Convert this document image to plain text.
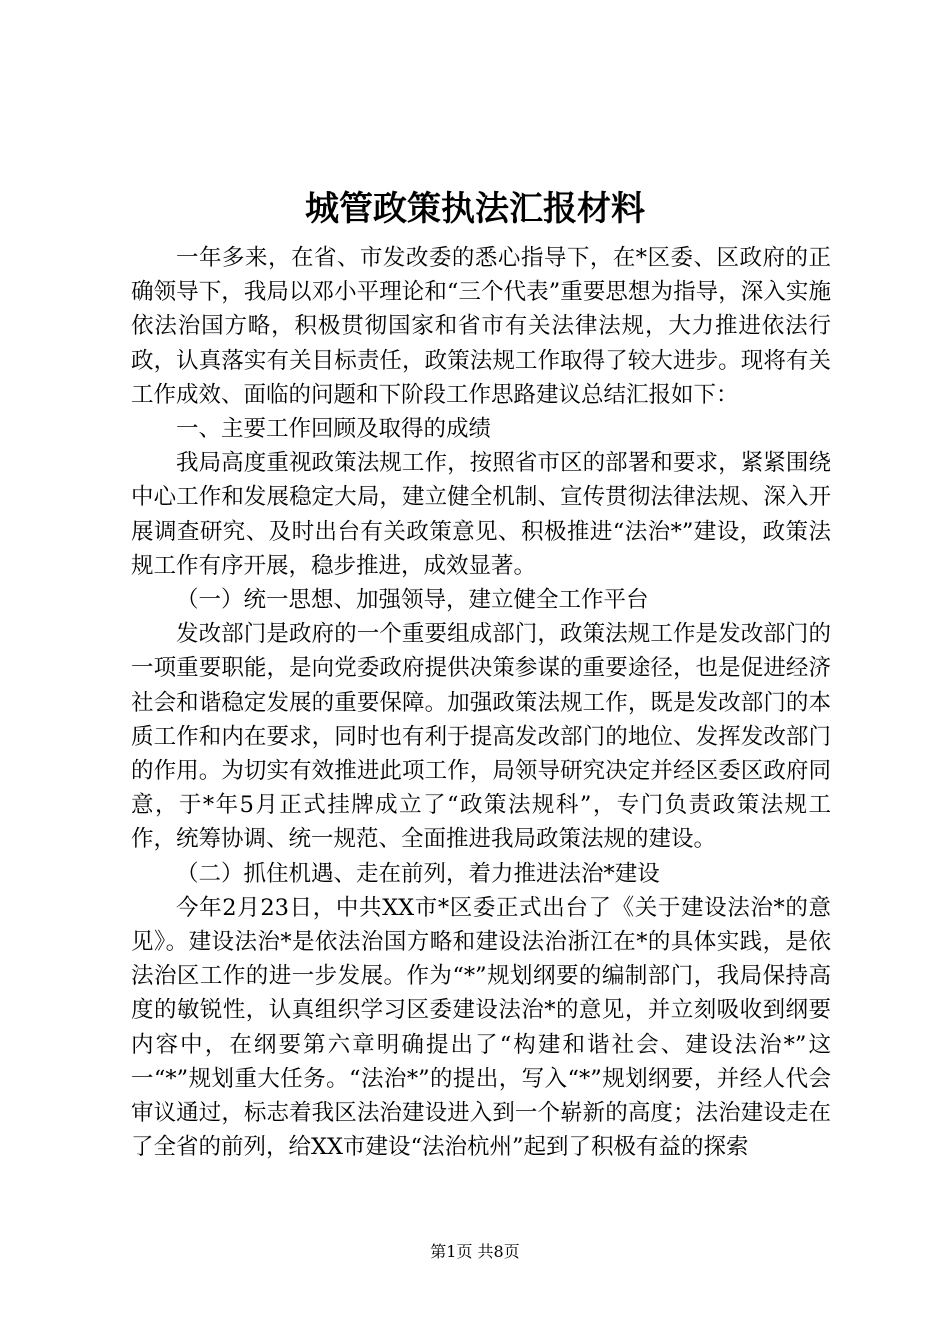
城管政策执法汇报材料

一年多来，在省、市发改委的悉心指导下，在*区委、区政府的正确领导下，我局以邓小平理论和“三个代表”重要思想为指导，深入实施依法治国方略，积极贯彻国家和省市有关法律法规，大力推进依法行政，认真落实有关目标责任，政策法规工作取得了较大进步。现将有关工作成效、面临的问题和下阶段工作思路建议总结汇报如下：

一、主要工作回顾及取得的成绩

我局高度重视政策法规工作，按照省市区的部署和要求，紧紧围绕中心工作和发展稳定大局，建立健全机制、宣传贯彻法律法规、深入开展调查研究、及时出台有关政策意见、积极推进“法治*”建设，政策法规工作有序开展，稳步推进，成效显著。

（一）统一思想、加强领导，建立健全工作平台

发改部门是政府的一个重要组成部门，政策法规工作是发改部门的一项重要职能，是向党委政府提供决策参谋的重要途径，也是促进经济社会和谐稳定发展的重要保障。加强政策法规工作，既是发改部门的本质工作和内在要求，同时也有利于提高发改部门的地位、发挥发改部门的作用。为切实有效推进此项工作，局领导研究决定并经区委区政府同意，于*年5月正式挂牌成立了“政策法规科”，专门负责政策法规工作，统筹协调、统一规范、全面推进我局政策法规的建设。

（二）抓住机遇、走在前列，着力推进法治*建设

今年2月23日，中共XX市*区委正式出台了《关于建设法治*的意见》。建设法治*是依法治国方略和建设法治浙江在*的具体实践，是依法治区工作的进一步发展。作为“*”规划纲要的编制部门，我局保持高度的敏锐性，认真组织学习区委建设法治*的意见，并立刻吸收到纲要内容中，在纲要第六章明确提出了“构建和谐社会、建设法治*”这一“*”规划重大任务。“法治*”的提出，写入“*”规划纲要，并经人代会审议通过，标志着我区法治建设进入到一个崭新的高度；法治建设走在了全省的前列，给XX市建设“法治杭州”起到了积极有益的探索

第1页 共8页
